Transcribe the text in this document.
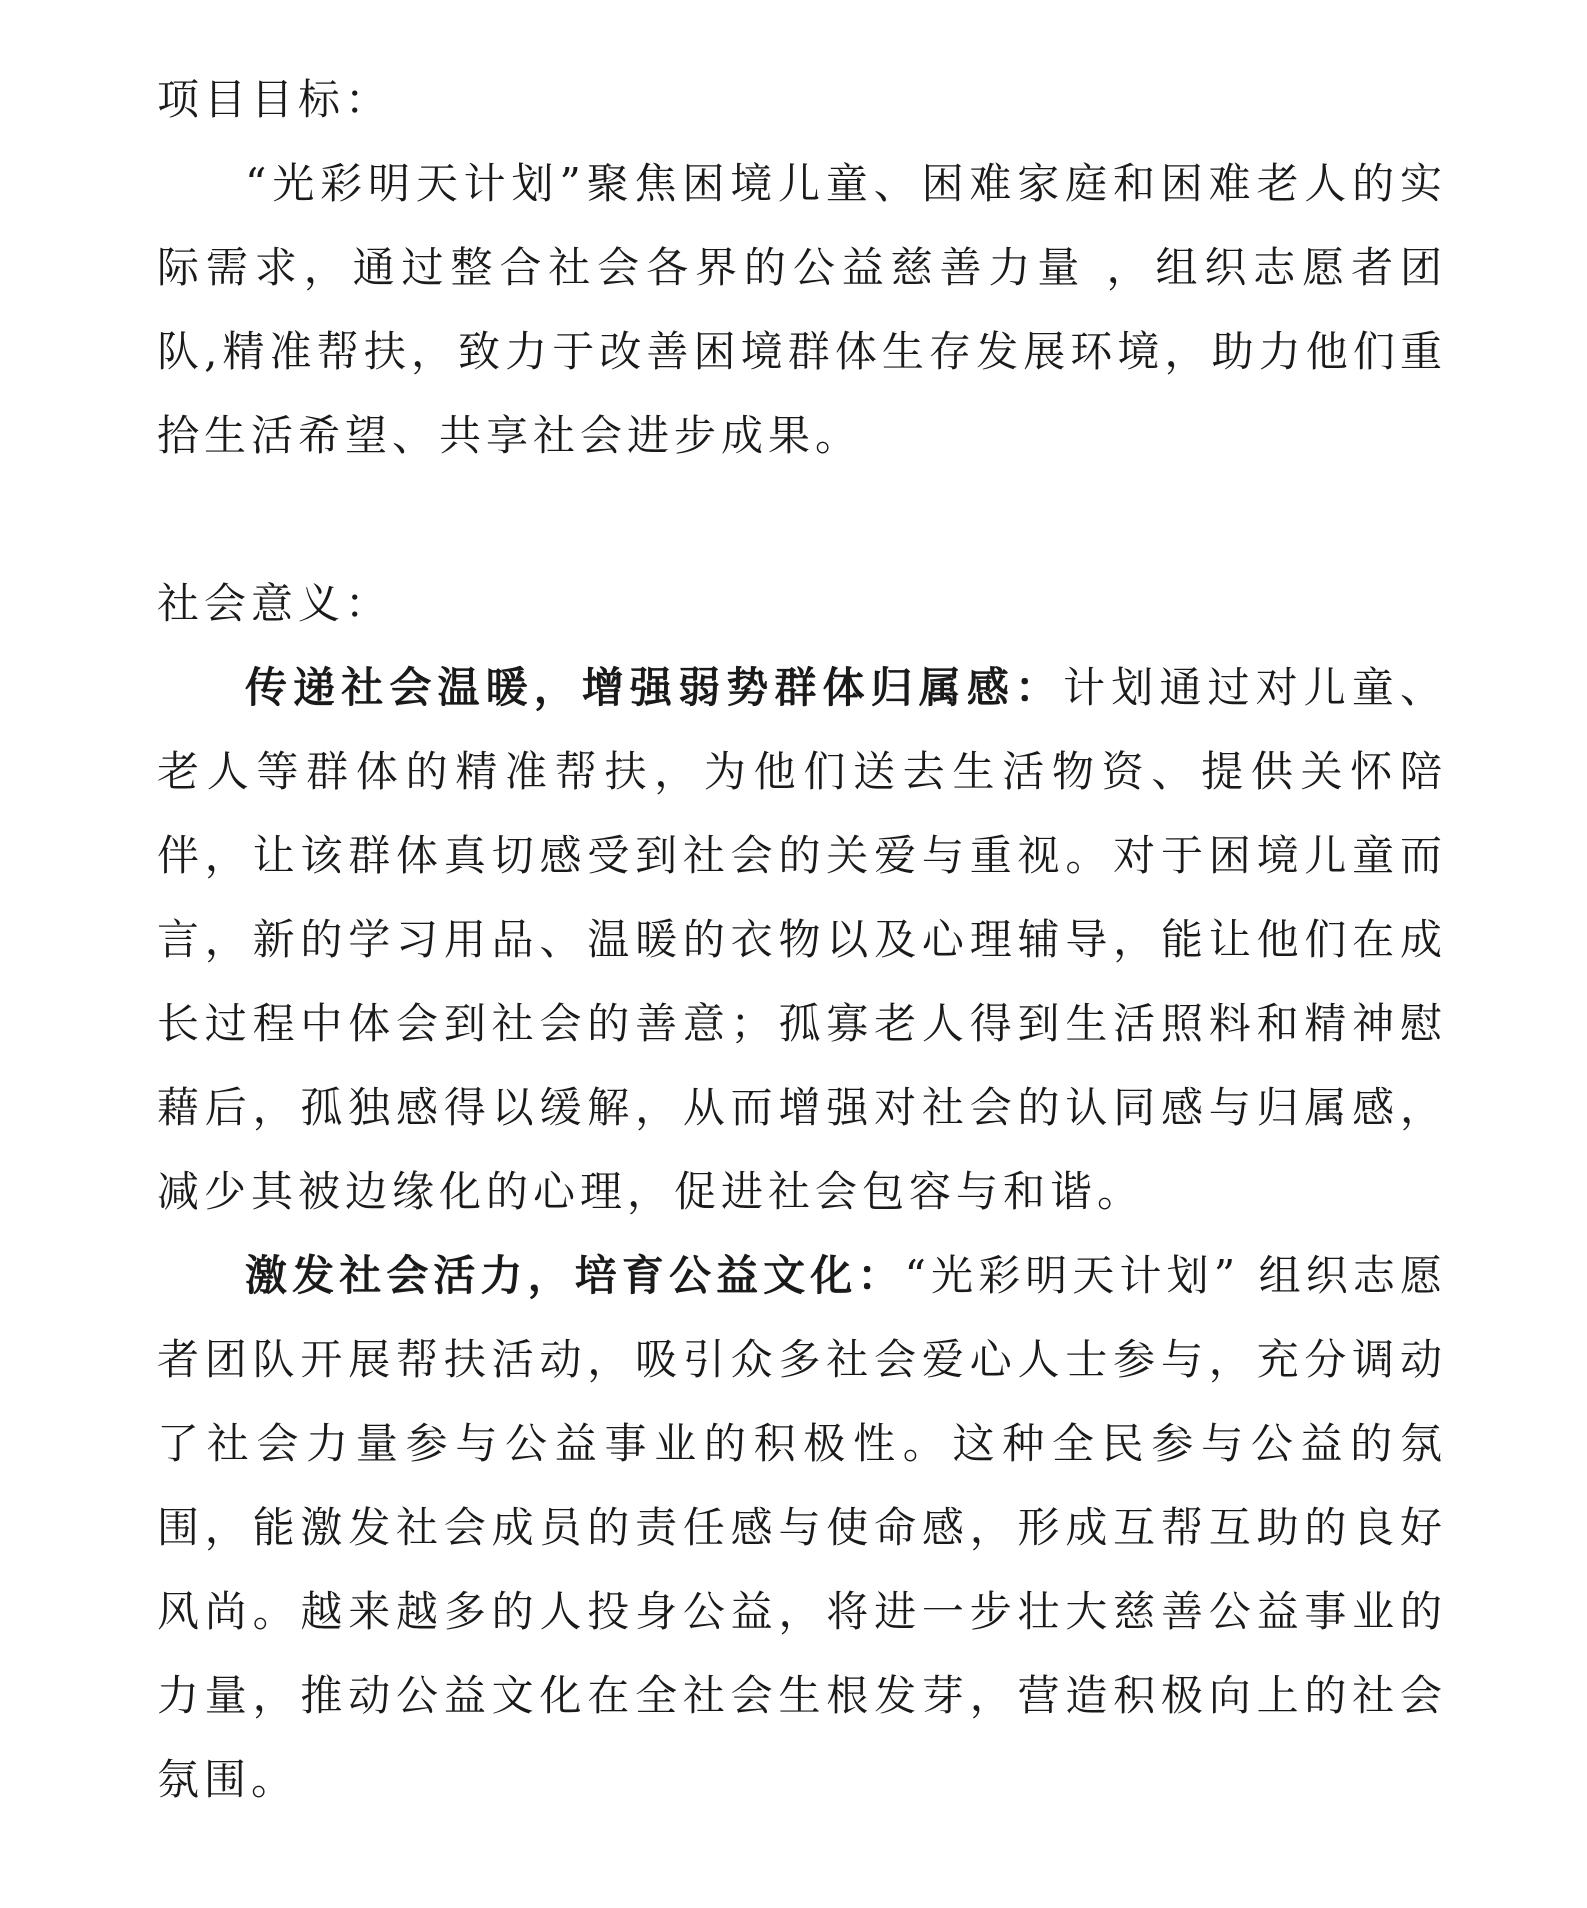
项目目标：

“光彩明天计划”聚焦困境儿童、困难家庭和困难老人的实际需求，通过整合社会各界的公益慈善力量 ，组织志愿者团队,精准帮扶，致力于改善困境群体生存发展环境，助力他们重拾生活希望、共享社会进步成果。

社会意义：

传递社会温暖，增强弱势群体归属感：计划通过对儿童、老人等群体的精准帮扶，为他们送去生活物资、提供关怀陪伴，让该群体真切感受到社会的关爱与重视。对于困境儿童而言，新的学习用品、温暖的衣物以及心理辅导，能让他们在成长过程中体会到社会的善意；孤寡老人得到生活照料和精神慰藉后，孤独感得以缓解，从而增强对社会的认同感与归属感，减少其被边缘化的心理，促进社会包容与和谐。

激发社会活力，培育公益文化：“光彩明天计划” 组织志愿者团队开展帮扶活动，吸引众多社会爱心人士参与，充分调动了社会力量参与公益事业的积极性。这种全民参与公益的氛围，能激发社会成员的责任感与使命感，形成互帮互助的良好风尚。越来越多的人投身公益，将进一步壮大慈善公益事业的力量，推动公益文化在全社会生根发芽，营造积极向上的社会氛围。
